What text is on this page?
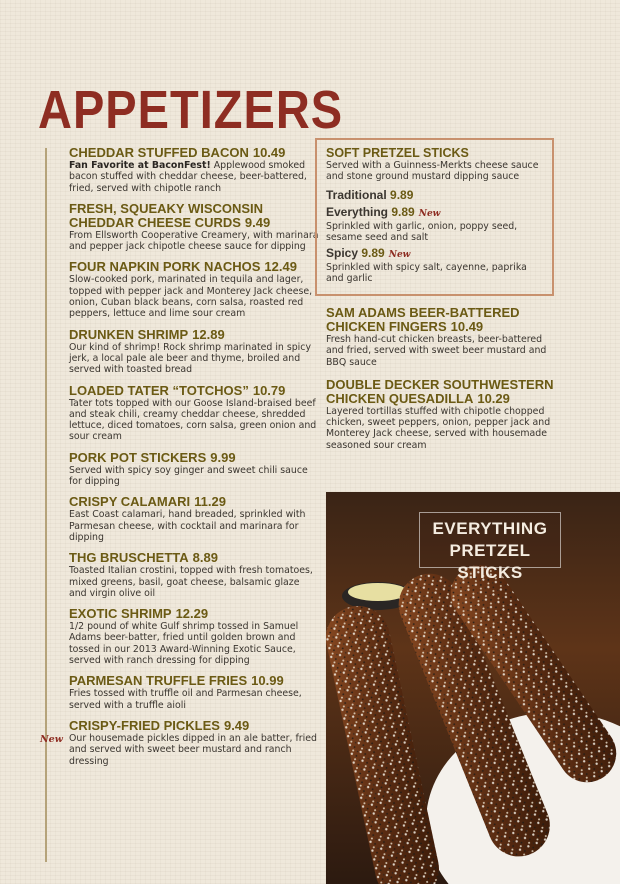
APPETIZERS
CHEDDAR STUFFED BACON 10.49
Fan Favorite at BaconFest! Applewood smoked bacon stuffed with cheddar cheese, beer-battered, fried, served with chipotle ranch
FRESH, SQUEAKY WISCONSIN CHEDDAR CHEESE CURDS 9.49
From Ellsworth Cooperative Creamery, with marinara and pepper jack chipotle cheese sauce for dipping
FOUR NAPKIN PORK NACHOS 12.49
Slow-cooked pork, marinated in tequila and lager, topped with pepper jack and Monterey Jack cheese, onion, Cuban black beans, corn salsa, roasted red peppers, lettuce and lime sour cream
DRUNKEN SHRIMP 12.89
Our kind of shrimp! Rock shrimp marinated in spicy jerk, a local pale ale beer and thyme, broiled and served with toasted bread
LOADED TATER “TOTCHOS” 10.79
Tater tots topped with our Goose Island-braised beef and steak chili, creamy cheddar cheese, shredded lettuce, diced tomatoes, corn salsa, green onion and sour cream
PORK POT STICKERS 9.99
Served with spicy soy ginger and sweet chili sauce for dipping
CRISPY CALAMARI 11.29
East Coast calamari, hand breaded, sprinkled with Parmesan cheese, with cocktail and marinara for dipping
THG BRUSCHETTA 8.89
Toasted Italian crostini, topped with fresh tomatoes, mixed greens, basil, goat cheese, balsamic glaze and virgin olive oil
EXOTIC SHRIMP 12.29
1/2 pound of white Gulf shrimp tossed in Samuel Adams beer-batter, fried until golden brown and tossed in our 2013 Award-Winning Exotic Sauce, served with ranch dressing for dipping
PARMESAN TRUFFLE FRIES 10.99
Fries tossed with truffle oil and Parmesan cheese, served with a truffle aioli
CRISPY-FRIED PICKLES 9.49
Our housemade pickles dipped in an ale batter, fried and served with sweet beer mustard and ranch dressing
New
SOFT PRETZEL STICKS
Served with a Guinness-Merkts cheese sauce and stone ground mustard dipping sauce
Traditional 9.89
Everything 9.89 New
Sprinkled with garlic, onion, poppy seed, sesame seed and salt
Spicy 9.89 New
Sprinkled with spicy salt, cayenne, paprika and garlic
SAM ADAMS BEER-BATTERED CHICKEN FINGERS 10.49
Fresh hand-cut chicken breasts, beer-battered and fried, served with sweet beer mustard and BBQ sauce
DOUBLE DECKER SOUTHWESTERN CHICKEN QUESADILLA 10.29
Layered tortillas stuffed with chipotle chopped chicken, sweet peppers, onion, pepper jack and Monterey Jack cheese, served with housemade seasoned sour cream
EVERYTHING
PRETZEL STICKS
